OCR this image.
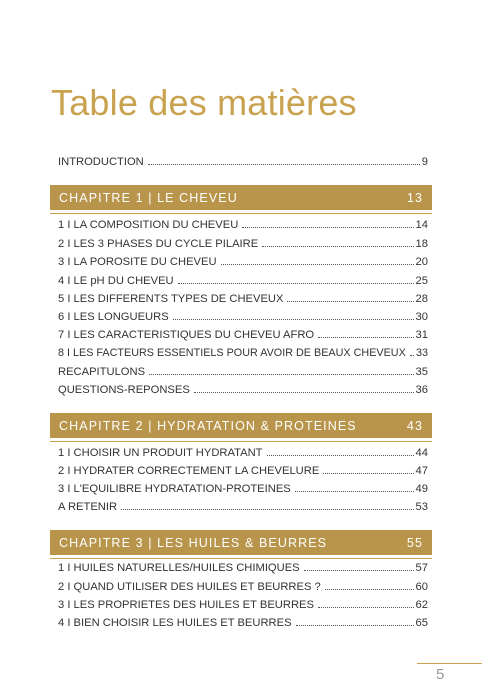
Table des matières
INTRODUCTION	9
CHAPITRE 1 | LE CHEVEU	13
1 I LA COMPOSITION DU CHEVEU	14
2 I LES 3 PHASES DU CYCLE PILAIRE	18
3 I LA POROSITE DU CHEVEU	20
4 I LE pH DU CHEVEU	25
5 I LES DIFFERENTS TYPES DE CHEVEUX	28
6 I LES LONGUEURS	30
7 I LES CARACTERISTIQUES DU CHEVEU AFRO	31
8 I LES FACTEURS ESSENTIELS POUR AVOIR DE BEAUX CHEVEUX 33
RECAPITULONS	35
QUESTIONS-REPONSES	36
CHAPITRE 2 | HYDRATATION & PROTEINES	43
1 I CHOISIR UN PRODUIT HYDRATANT	44
2 I HYDRATER CORRECTEMENT LA CHEVELURE	47
3 I L'EQUILIBRE HYDRATATION-PROTEINES	49
A RETENIR	53
CHAPITRE 3 | LES HUILES & BEURRES	55
1 I HUILES NATURELLES/HUILES CHIMIQUES	57
2 I QUAND UTILISER DES HUILES ET BEURRES ?	60
3 I LES PROPRIETES DES HUILES ET BEURRES	62
4 I BIEN CHOISIR LES HUILES ET BEURRES	65
5
